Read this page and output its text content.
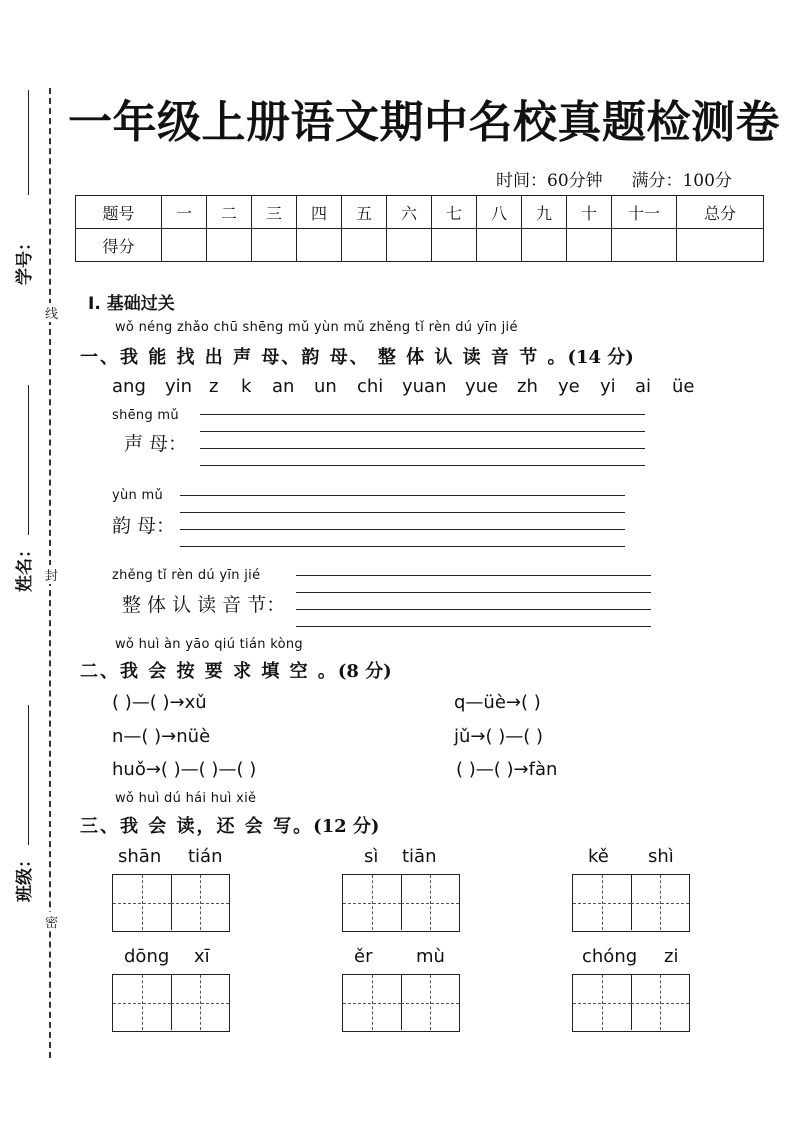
学号：
姓名：
班级：
线
封
密
一年级上册语文期中名校真题检测卷
时间：60分钟 满分：100分
题号	一	二	三	四	五	六	七	八	九	十	十一	总分
得分												
I. 基础过关
wǒ néng zhǎo chū shēng mǔ yùn mǔ zhěng tǐ rèn dú yīn jié
一、我 能 找 出 声 母、韵 母、 整 体 认 读 音 节 。(14 分)
ang yin z k an un chi yuan yue zh ye yi ai üe
shēng mǔ
声 母：
yùn mǔ
韵 母：
zhěng tǐ rèn dú yīn jié
整 体 认 读 音 节：
wǒ huì àn yāo qiú tián kòng
二、我 会 按 要 求 填 空 。(8 分)
( )—( )→xǔ	q—üè→( )
n—( )→nüè	jǔ→( )—( )
huǒ→( )—( )—( )	( )—( )→fàn
wǒ huì dú hái huì xiě
三、我 会 读，还 会 写。(12 分)
shān tián	sì tiān	kě shì
dōng xī	ěr mù	chóng zi
